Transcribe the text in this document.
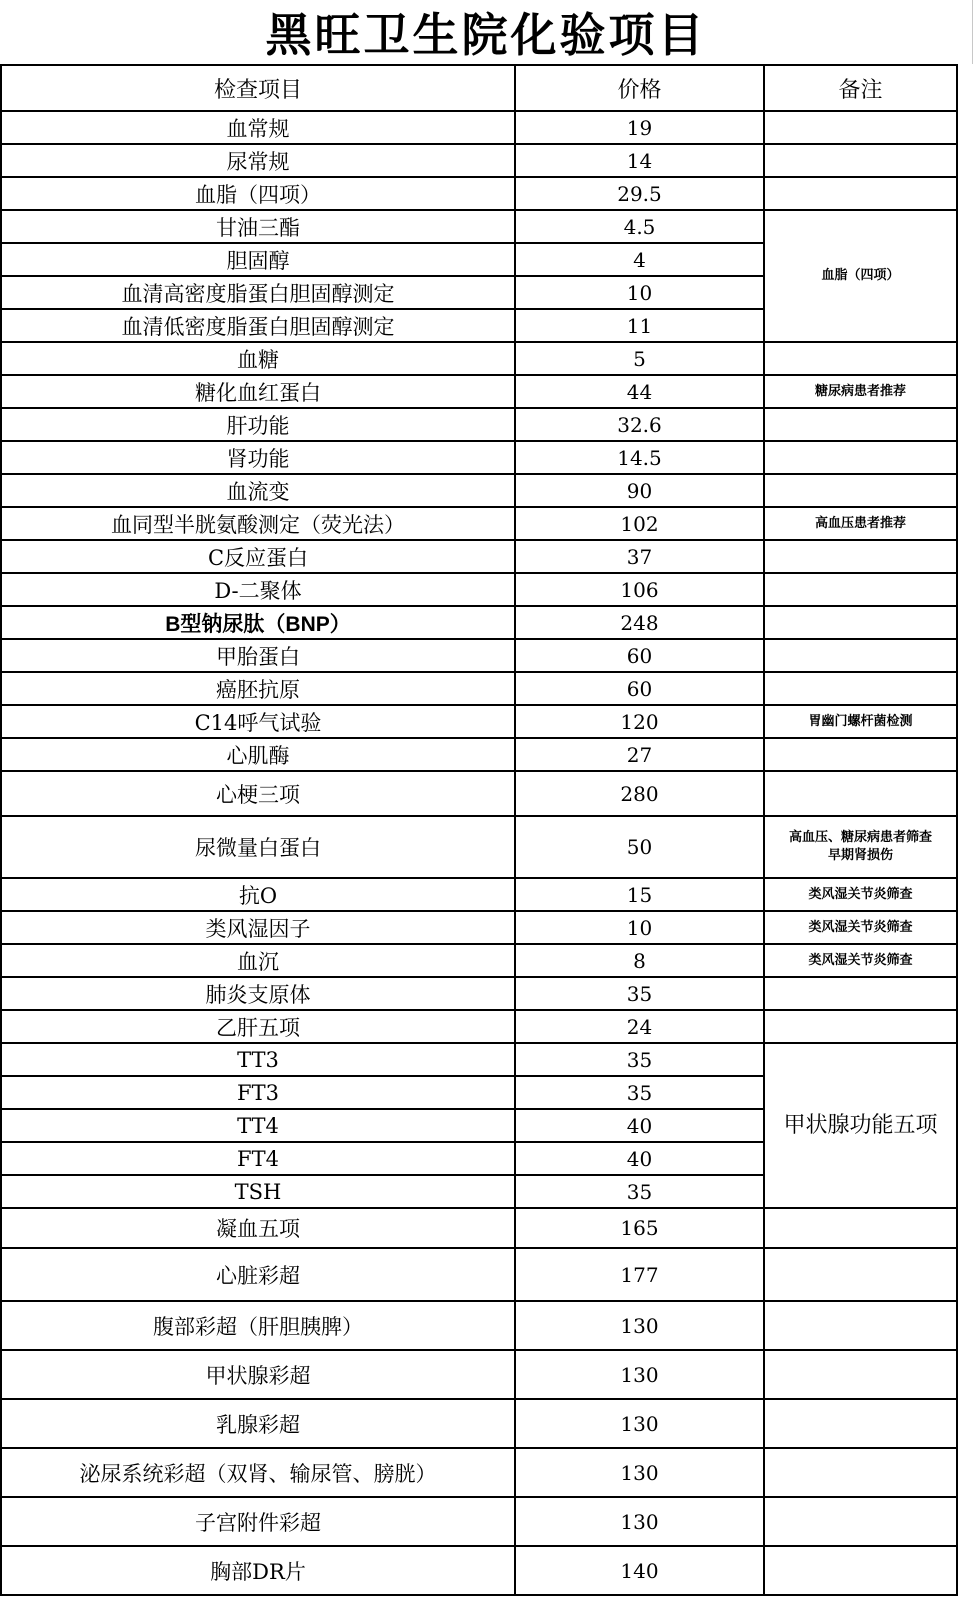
黑旺卫生院化验项目
检查项目	价格	备注
血常规	19	
尿常规	14	
血脂（四项）	29.5	
甘油三酯	4.5	血脂（四项）
胆固醇	4	
血清高密度脂蛋白胆固醇测定	10	
血清低密度脂蛋白胆固醇测定	11	
血糖	5	
糖化血红蛋白	44	糖尿病患者推荐
肝功能	32.6	
肾功能	14.5	
血流变	90	
血同型半胱氨酸测定（荧光法）	102	高血压患者推荐
C反应蛋白	37	
D-二聚体	106	
B型钠尿肽（BNP）	248	
甲胎蛋白	60	
癌胚抗原	60	
C14呼气试验	120	胃幽门螺杆菌检测
心肌酶	27	
心梗三项	280	
尿微量白蛋白	50	高血压、糖尿病患者筛查
早期肾损伤

抗O	15	类风湿关节炎筛查
类风湿因子	10	类风湿关节炎筛查
血沉	8	类风湿关节炎筛查
肺炎支原体	35	
乙肝五项	24	
TT3	35	甲状腺功能五项
FT3	35	
TT4	40	
FT4	40	
TSH	35	
凝血五项	165	
心脏彩超	177	
腹部彩超（肝胆胰脾）	130	
甲状腺彩超	130	
乳腺彩超	130	
泌尿系统彩超（双肾、输尿管、膀胱）	130	
子宫附件彩超	130	
胸部DR片	140	
